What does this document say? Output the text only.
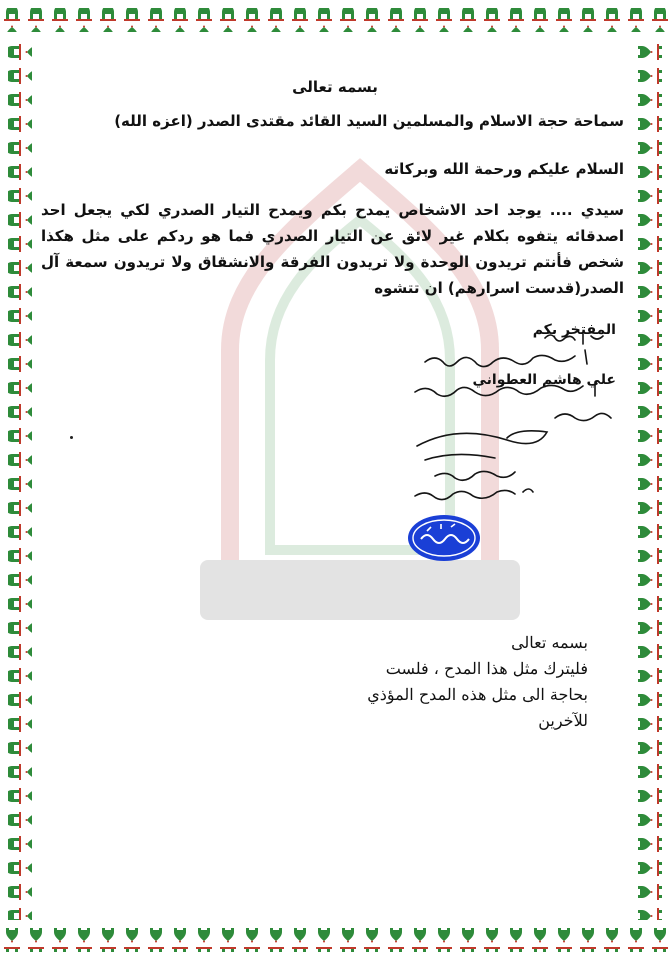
بسمه تعالى
سماحة حجة الاسلام والمسلمين السيد القائد مقتدى الصدر (اعزه الله)
السلام عليكم ورحمة الله وبركاته
سيدي .... يوجد احد الاشخاص يمدح بكم ويمدح التيار الصدري لكي يجعل احد اصدقائه يتفوه بكلام غير لائق عن التيار الصدري فما هو ردكم على مثل هكذا شخص فأنتم تريدون الوحدة ولا تريدون الفرقة والانشقاق ولا تريدون سمعة آل الصدر(قدست اسرارهم) ان تتشوه
المفتخر بكم
علي هاشم العطواني
بسمه تعالى
فليترك مثل هذا المدح ، فلست
بحاجة الى مثل هذه المدح المؤذي
للآخرين
